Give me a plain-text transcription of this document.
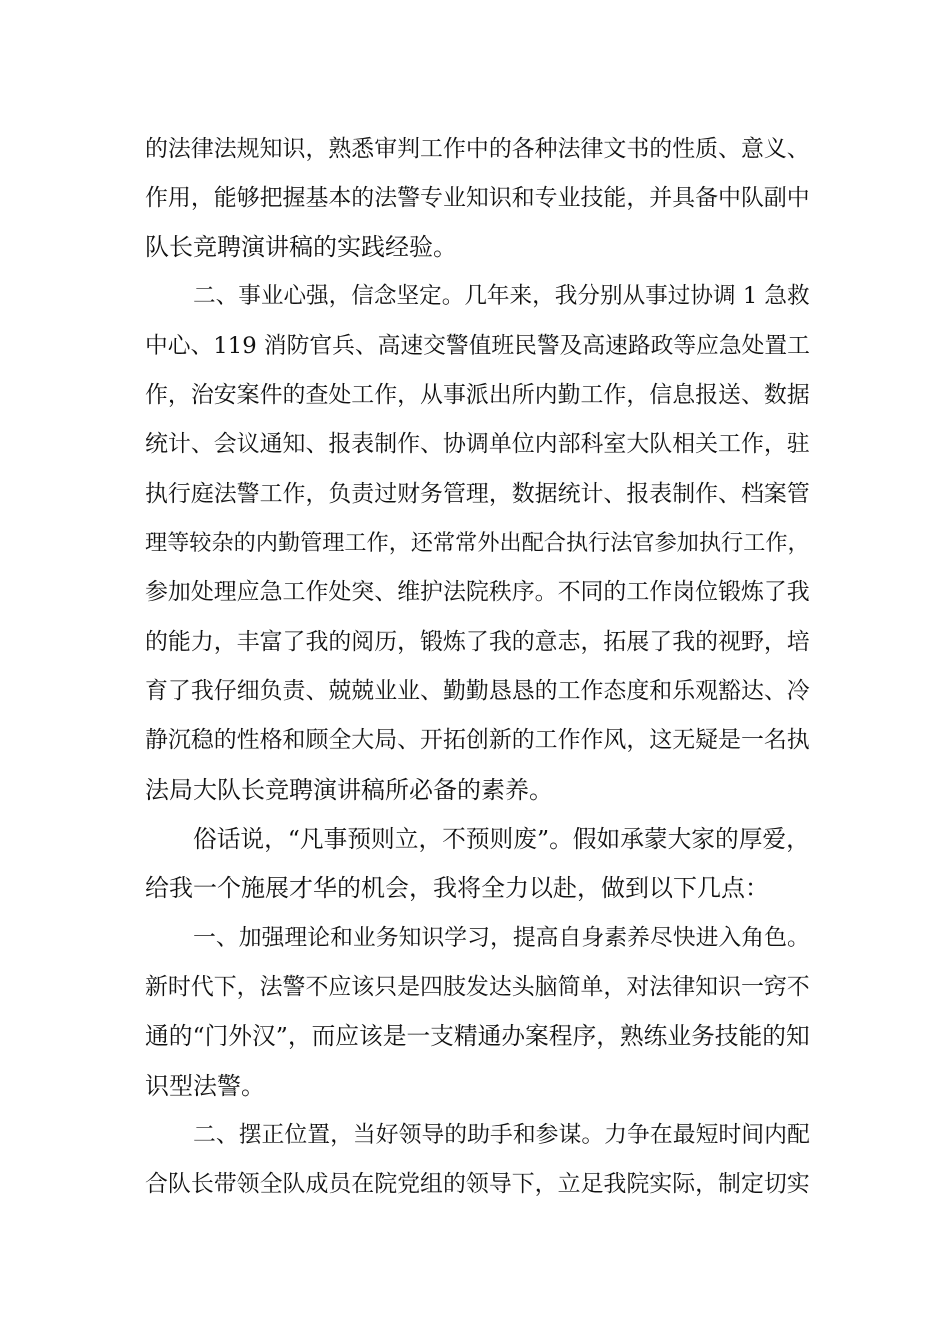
的法律法规知识，熟悉审判工作中的各种法律文书的性质、意义、
作用，能够把握基本的法警专业知识和专业技能，并具备中队副中
队长竞聘演讲稿的实践经验。
二、事业心强，信念坚定。几年来，我分别从事过协调 1 急救
中心、119 消防官兵、高速交警值班民警及高速路政等应急处置工
作，治安案件的查处工作，从事派出所内勤工作，信息报送、数据
统计、会议通知、报表制作、协调单位内部科室大队相关工作，驻
执行庭法警工作，负责过财务管理，数据统计、报表制作、档案管
理等较杂的内勤管理工作，还常常外出配合执行法官参加执行工作，
参加处理应急工作处突、维护法院秩序。不同的工作岗位锻炼了我
的能力，丰富了我的阅历，锻炼了我的意志，拓展了我的视野，培
育了我仔细负责、兢兢业业、勤勤恳恳的工作态度和乐观豁达、冷
静沉稳的性格和顾全大局、开拓创新的工作作风，这无疑是一名执
法局大队长竞聘演讲稿所必备的素养。
俗话说，“凡事预则立，不预则废”。假如承蒙大家的厚爱，
给我一个施展才华的机会，我将全力以赴，做到以下几点：
一、加强理论和业务知识学习，提高自身素养尽快进入角色。
新时代下，法警不应该只是四肢发达头脑简单，对法律知识一窍不
通的“门外汉”，而应该是一支精通办案程序，熟练业务技能的知
识型法警。
二、摆正位置，当好领导的助手和参谋。力争在最短时间内配
合队长带领全队成员在院党组的领导下，立足我院实际，制定切实
